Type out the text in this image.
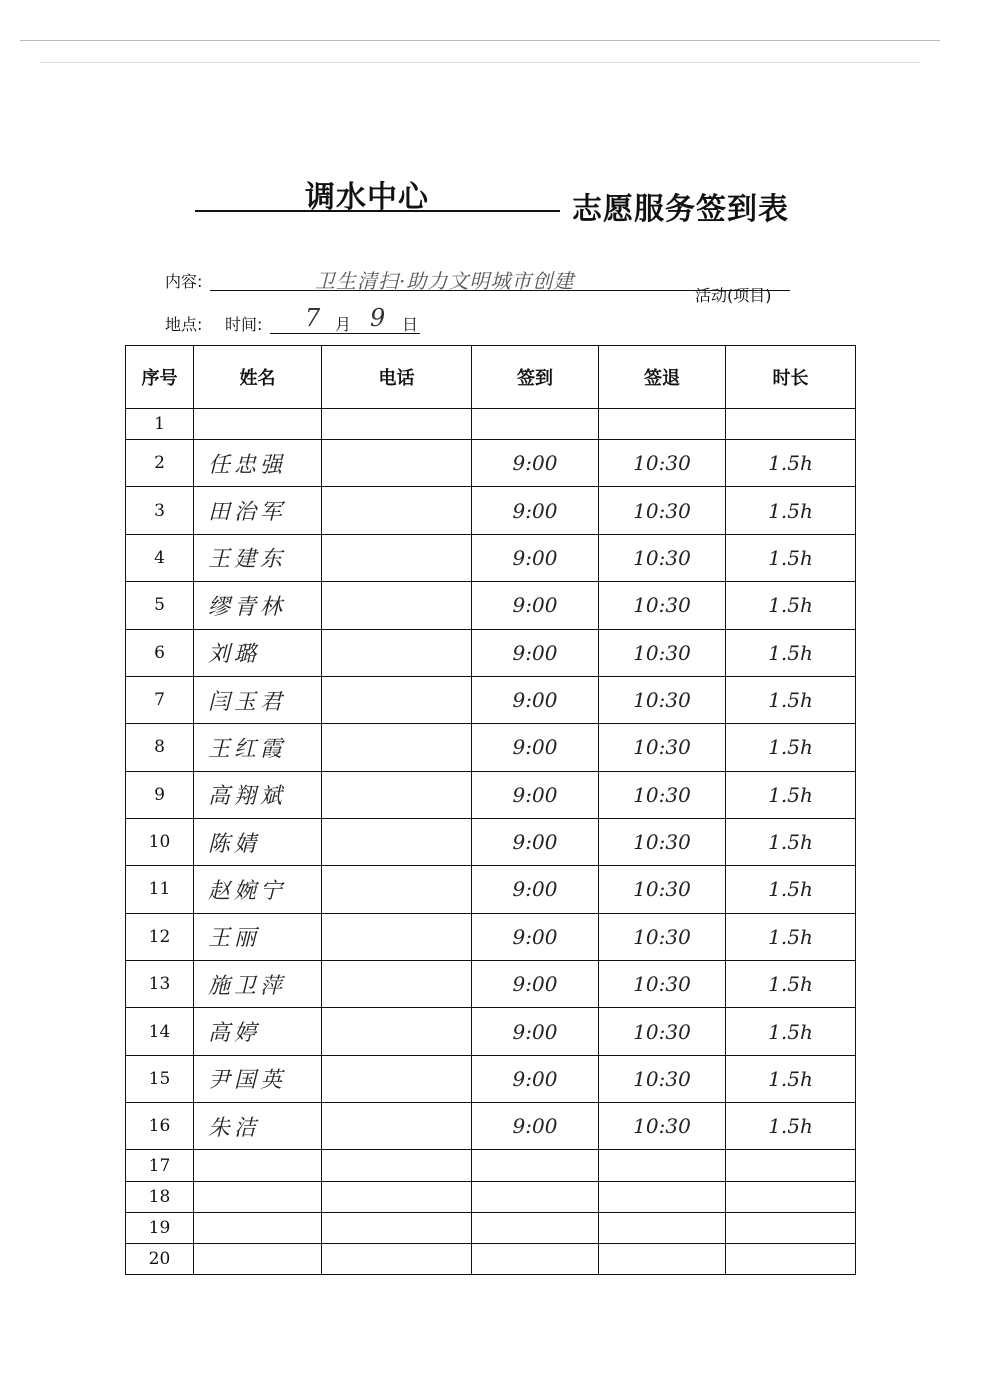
调水中心	志愿服务签到表
内容:	卫生清扫·助力文明城市创建
活动(项目)
地点: 时间: 7 月 9 日
序号	姓名	电话	签到	签退	时长
1					
2	任忠强		9:00	10:30	1.5h
3	田治军		9:00	10:30	1.5h
4	王建东		9:00	10:30	1.5h
5	缪青林		9:00	10:30	1.5h
6	刘璐		9:00	10:30	1.5h
7	闫玉君		9:00	10:30	1.5h
8	王红霞		9:00	10:30	1.5h
9	高翔斌		9:00	10:30	1.5h
10	陈婧		9:00	10:30	1.5h
11	赵婉宁		9:00	10:30	1.5h
12	王丽		9:00	10:30	1.5h
13	施卫萍		9:00	10:30	1.5h
14	高婷		9:00	10:30	1.5h
15	尹国英		9:00	10:30	1.5h
16	朱洁		9:00	10:30	1.5h
17					
18					
19					
20					
